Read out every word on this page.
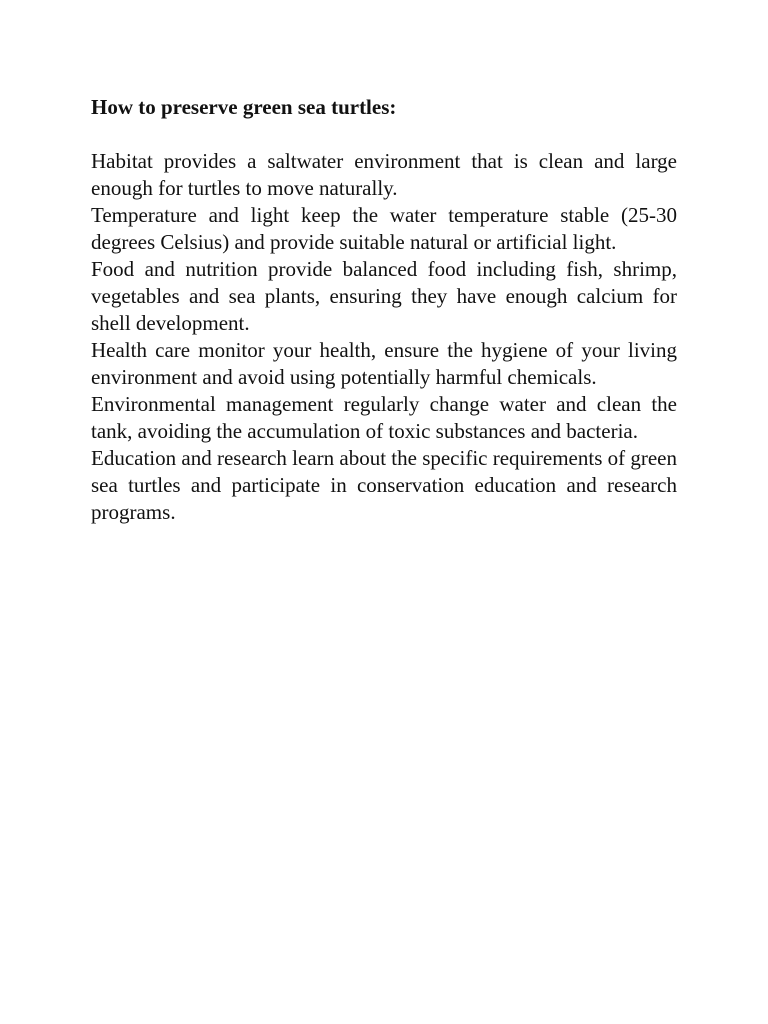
How to preserve green sea turtles:

Habitat provides a saltwater environment that is clean and large enough for turtles to move naturally.

Temperature and light keep the water temperature stable (25-30 degrees Celsius) and provide suitable natural or artificial light.

Food and nutrition provide balanced food including fish, shrimp, vegetables and sea plants, ensuring they have enough calcium for shell development.

Health care monitor your health, ensure the hygiene of your living environment and avoid using potentially harmful chemicals.

Environmental management regularly change water and clean the tank, avoiding the accumulation of toxic substances and bacteria.

Education and research learn about the specific requirements of green sea turtles and participate in conservation education and research programs.
